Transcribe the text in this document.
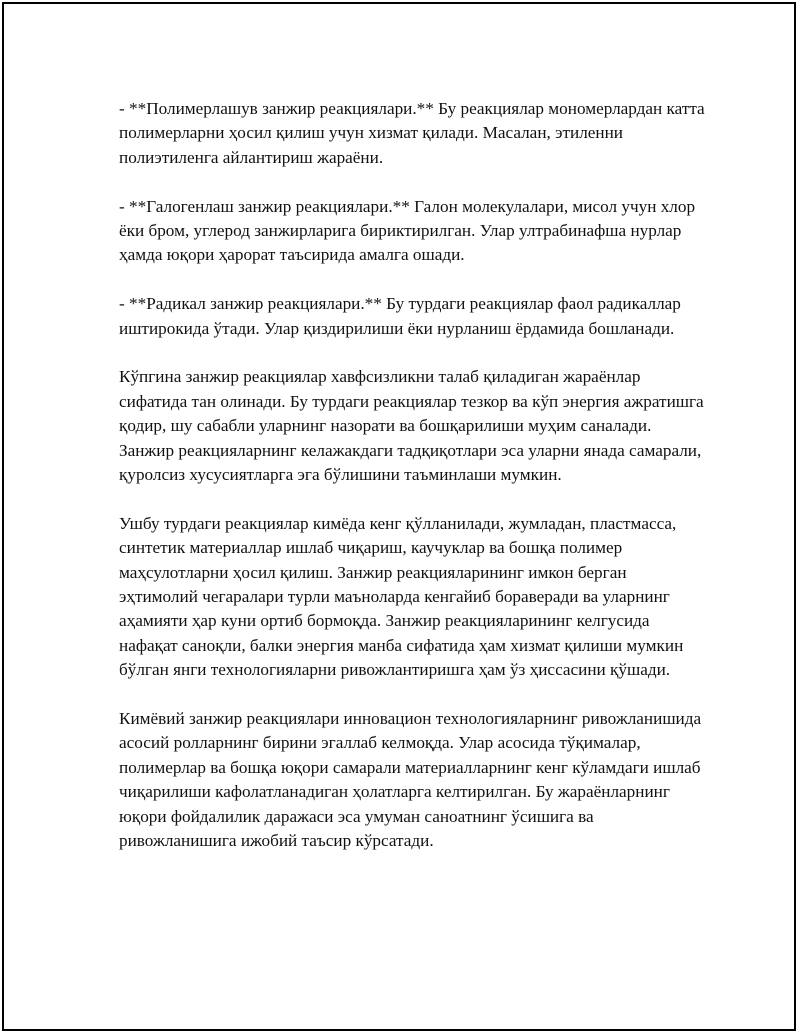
- **Полимерлашув занжир реакциялари.** Бу реакциялар мономерлардан катта полимерларни ҳосил қилиш учун хизмат қилади. Масалан, этиленни полиэтиленга айлантириш жараёни.

- **Галогенлаш занжир реакциялари.** Галон молекулалари, мисол учун хлор ёки бром, углерод занжирларига бириктирилган. Улар ултрабинафша нурлар ҳамда юқори ҳарорат таъсирида амалга ошади.

- **Радикал занжир реакциялари.** Бу турдаги реакциялар фаол радикаллар иштирокида ўтади. Улар қиздирилиши ёки нурланиш ёрдамида бошланади.

Кўпгина занжир реакциялар хавфсизликни талаб қиладиган жараёнлар сифатида тан олинади. Бу турдаги реакциялар тезкор ва кўп энергия ажратишга қодир, шу сабабли уларнинг назорати ва бошқарилиши муҳим саналади. Занжир реакцияларнинг келажакдаги тадқиқотлари эса уларни янада самарали, қуролсиз хусусиятларга эга бўлишини таъминлаши мумкин.

Ушбу турдаги реакциялар кимёда кенг қўлланилади, жумладан, пластмасса, синтетик материаллар ишлаб чиқариш, каучуклар ва бошқа полимер маҳсулотларни ҳосил қилиш. Занжир реакцияларининг имкон берган эҳтимолий чегаралари турли маъноларда кенгайиб бораверади ва уларнинг аҳамияти ҳар куни ортиб бормоқда. Занжир реакцияларининг келгусида нафақат саноқли, балки энергия манба сифатида ҳам хизмат қилиши мумкин бўлган янги технологияларни ривожлантиришга ҳам ўз ҳиссасини қўшади.

Кимёвий занжир реакциялари инновацион технологияларнинг ривожланишида асосий ролларнинг бирини эгаллаб келмоқда. Улар асосида тўқималар, полимерлар ва бошқа юқори самарали материалларнинг кенг кўламдаги ишлаб чиқарилиши кафолатланадиган ҳолатларга келтирилган. Бу жараёнларнинг юқори фойдалилик даражаси эса умуман саноатнинг ўсишига ва ривожланишига ижобий таъсир кўрсатади.
